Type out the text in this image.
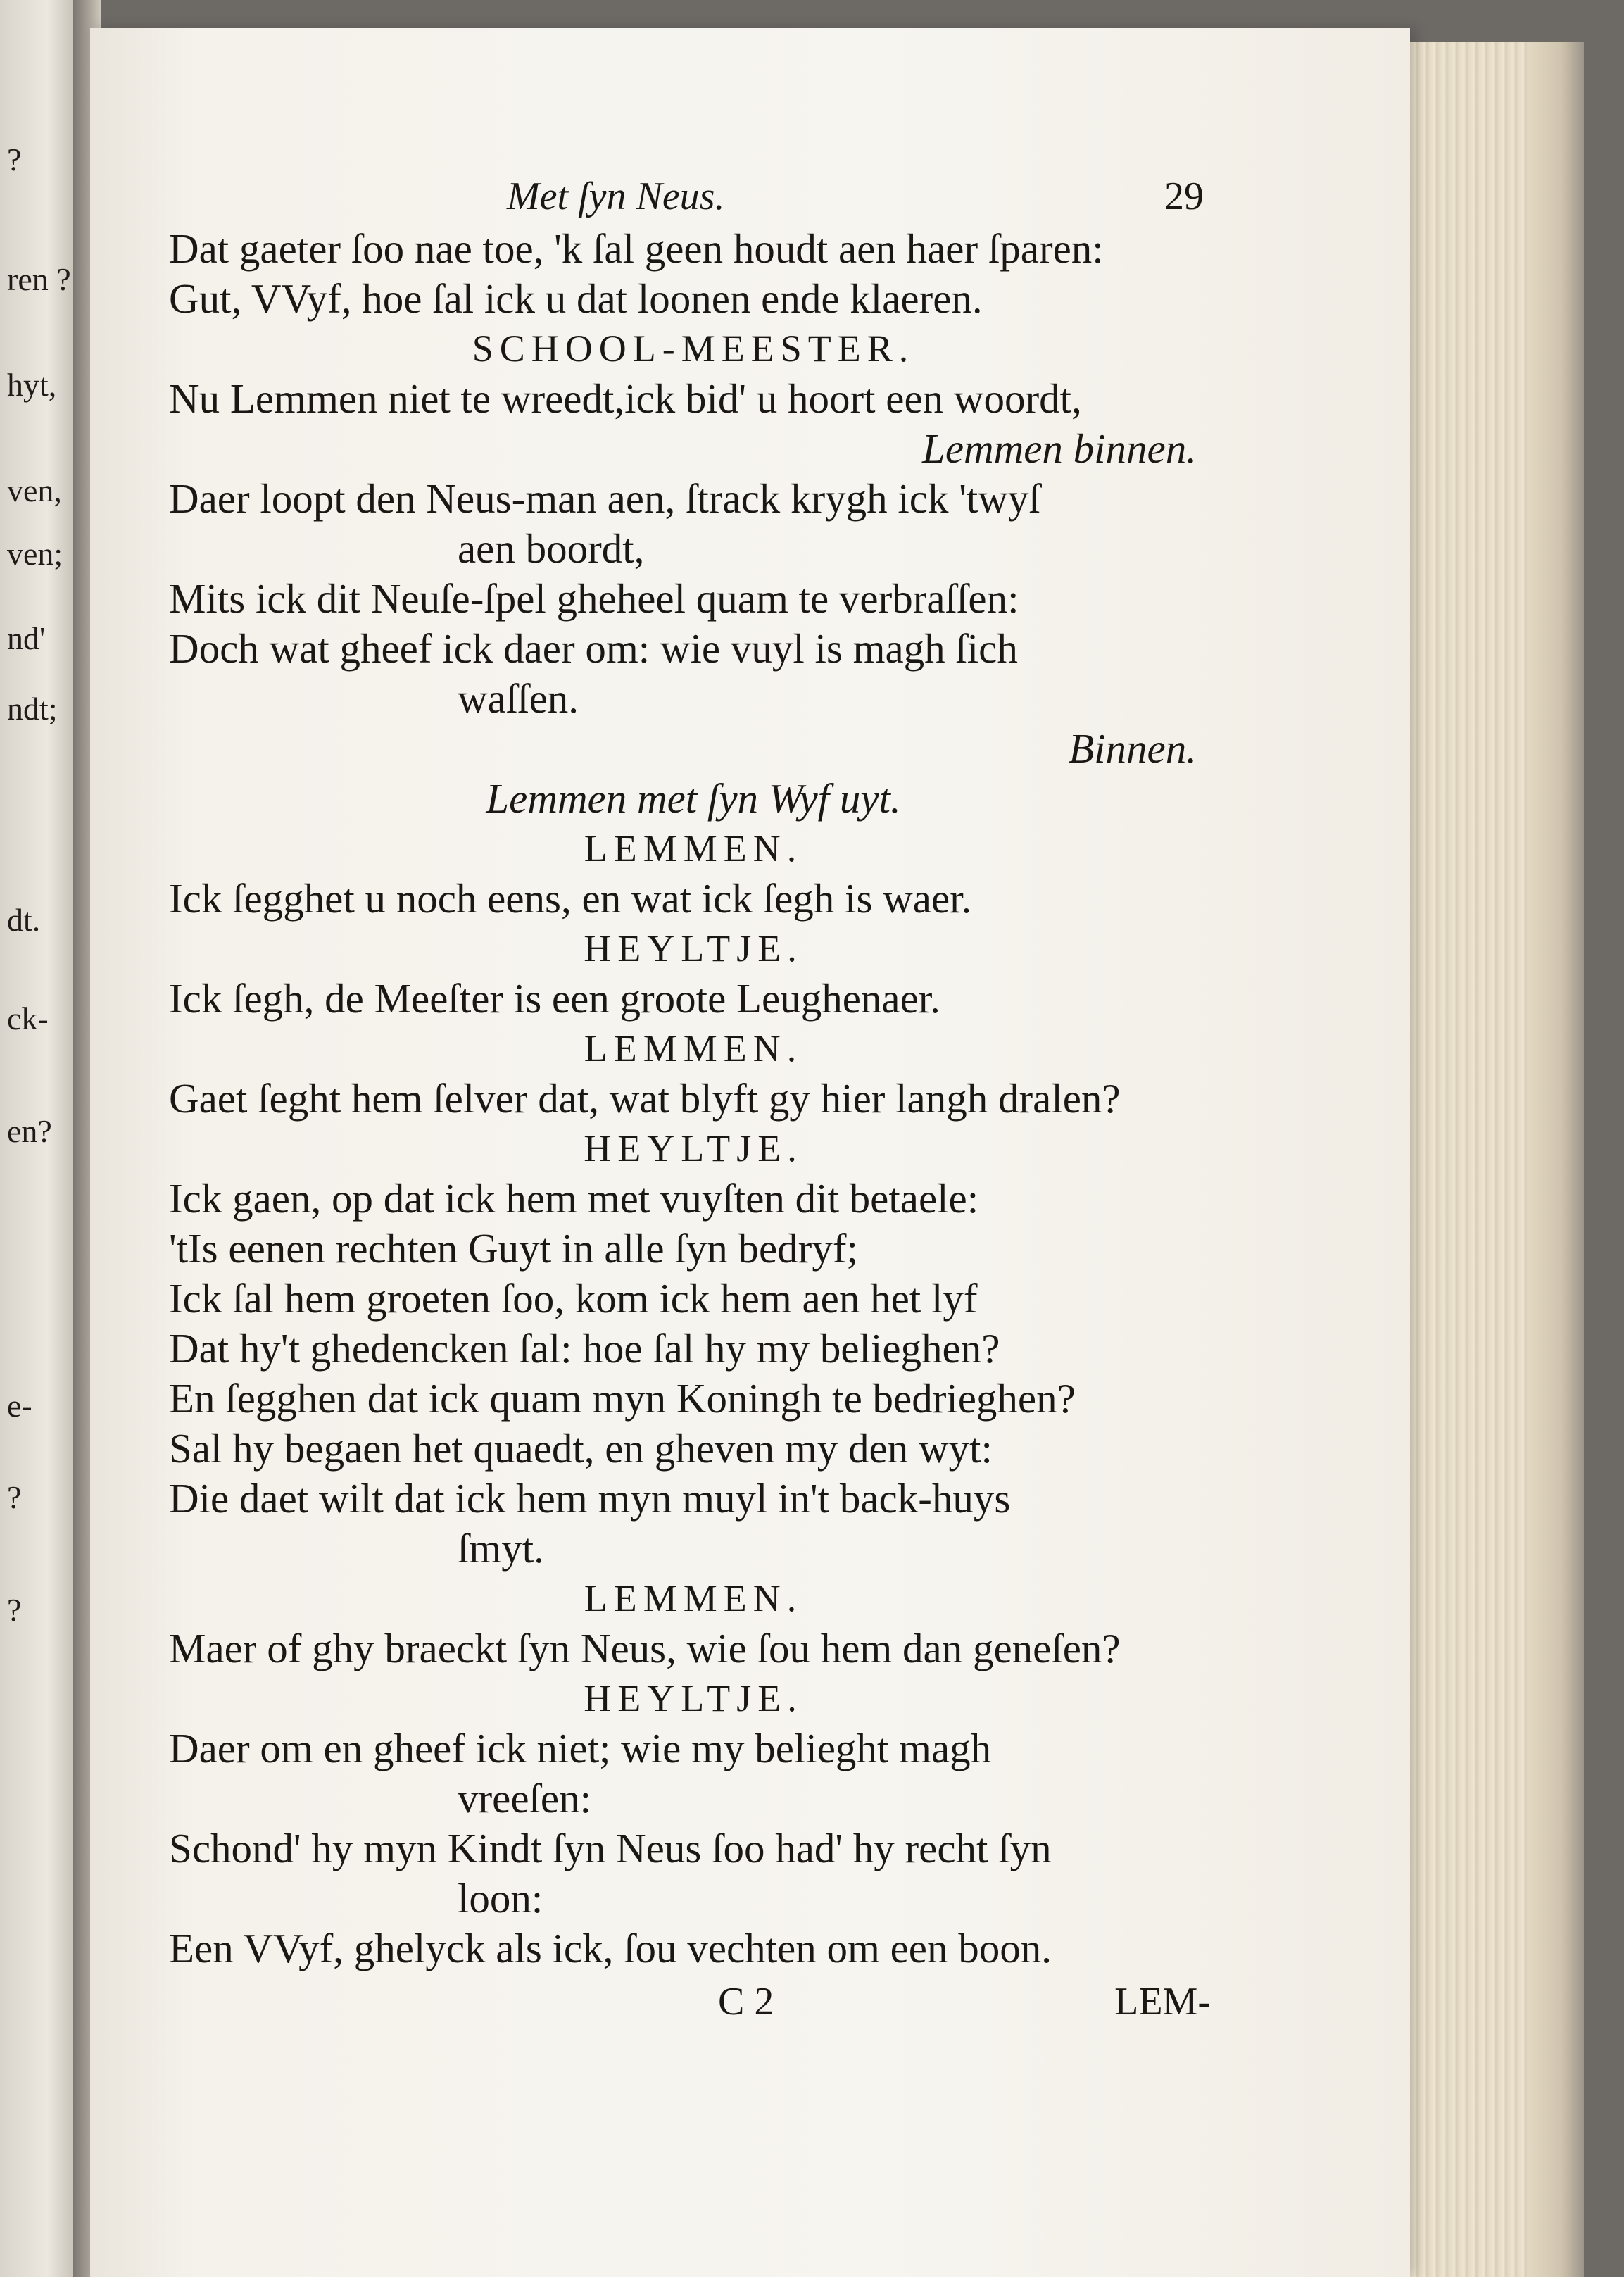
?
ren ?
hyt,
ven,
ven;
nd'
ndt;
dt.
ck-
en?
e-
?
?
Met ſyn Neus.	29
Dat gaeter ſoo nae toe, 'k ſal geen houdt aen haer ſparen:
Gut, VVyf, hoe ſal ick u dat loonen ende klaeren.
SCHOOL-MEESTER.
Nu Lemmen niet te wreedt,ick bid' u hoort een woordt,
Lemmen binnen.
Daer loopt den Neus-man aen, ſtrack krygh ick 'twyſ
aen boordt,
Mits ick dit Neuſe-ſpel gheheel quam te verbraſſen:
Doch wat gheef ick daer om: wie vuyl is magh ſich
waſſen.
Binnen.
Lemmen met ſyn Wyf uyt.
LEMMEN.
Ick ſegghet u noch eens, en wat ick ſegh is waer.
HEYLTJE.
Ick ſegh, de Meeſter is een groote Leughenaer.
LEMMEN.
Gaet ſeght hem ſelver dat, wat blyft gy hier langh dralen?
HEYLTJE.
Ick gaen, op dat ick hem met vuyſten dit betaele:
'tIs eenen rechten Guyt in alle ſyn bedryf;
Ick ſal hem groeten ſoo, kom ick hem aen het lyf
Dat hy't ghedencken ſal: hoe ſal hy my belieghen?
En ſegghen dat ick quam myn Koningh te bedrieghen?
Sal hy begaen het quaedt, en gheven my den wyt:
Die daet wilt dat ick hem myn muyl in't back-huys
ſmyt.
LEMMEN.
Maer of ghy braeckt ſyn Neus, wie ſou hem dan geneſen?
HEYLTJE.
Daer om en gheef ick niet; wie my belieght magh
vreeſen:
Schond' hy myn Kindt ſyn Neus ſoo had' hy recht ſyn
loon:
Een VVyf, ghelyck als ick, ſou vechten om een boon.
C 2	LEM-
